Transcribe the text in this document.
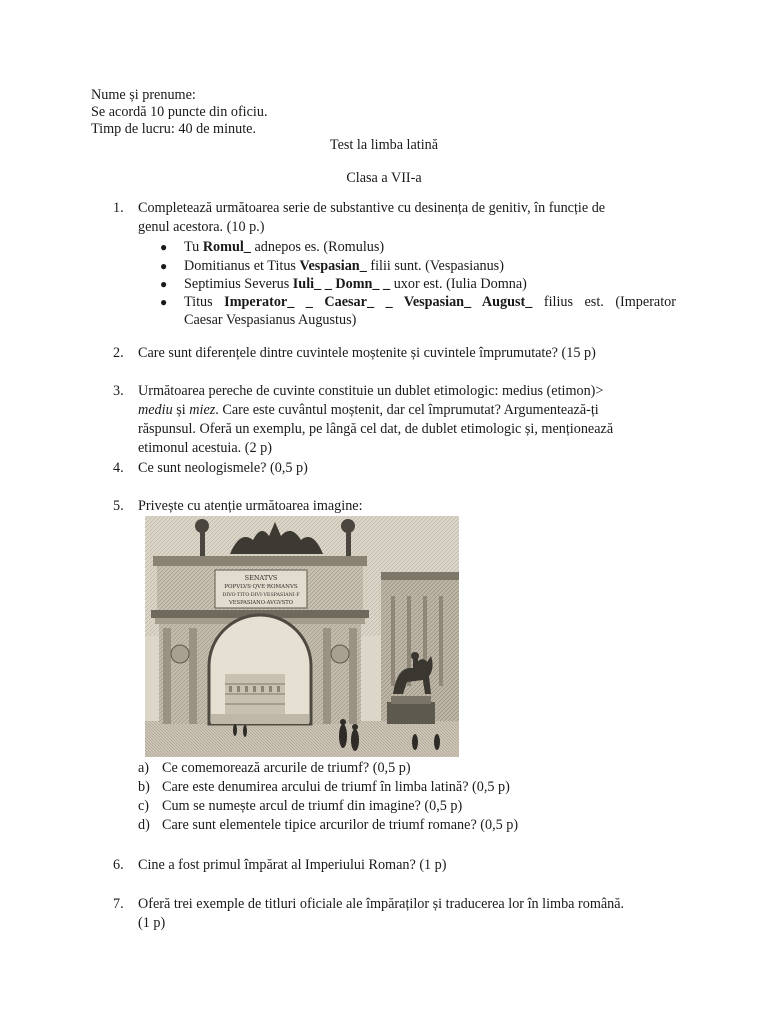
Nume și prenume:
Se acordă 10 puncte din oficiu.
Timp de lucru: 40 de minute.
Test la limba latină
Clasa a VII-a
1.	Completează următoarea serie de substantive cu desinența de genitiv, în funcție de
genul acestora. (10 p.)
●	Tu Romul_ adnepos es. (Romulus)
●	Domitianus et Titus Vespasian_ filii sunt. (Vespasianus)
●	Septimius Severus Iuli_ _ Domn_ _ uxor est. (Iulia Domna)
●	Titus Imperator_ _ Caesar_ _ Vespasian_ August_ filius est. (Imperator
Caesar Vespasianus Augustus)
2.	Care sunt diferențele dintre cuvintele moștenite și cuvintele împrumutate? (15 p)
3.	Următoarea pereche de cuvinte constituie un dublet etimologic: medius (etimon)>
mediu și miez. Care este cuvântul moștenit, dar cel împrumutat? Argumentează-ți
răspunsul. Oferă un exemplu, pe lângă cel dat, de dublet etimologic și, menționează
etimonul acestuia. (2 p)
4.	Ce sunt neologismele? (0,5 p)
5.	Privește cu atenție următoarea imagine:
SENATVS
POPVLVS·QVE·ROMANVS
DIVO·TITO·DIVI·VESPASIANI·F
VESPASIANO·AVGVSTO
a) Ce comemorează arcurile de triumf? (0,5 p)
b) Care este denumirea arcului de triumf în limba latină? (0,5 p)
c) Cum se numește arcul de triumf din imagine? (0,5 p)
d) Care sunt elementele tipice arcurilor de triumf romane? (0,5 p)
6.	Cine a fost primul împărat al Imperiului Roman? (1 p)
7.	Oferă trei exemple de titluri oficiale ale împăraților și traducerea lor în limba română.
(1 p)
